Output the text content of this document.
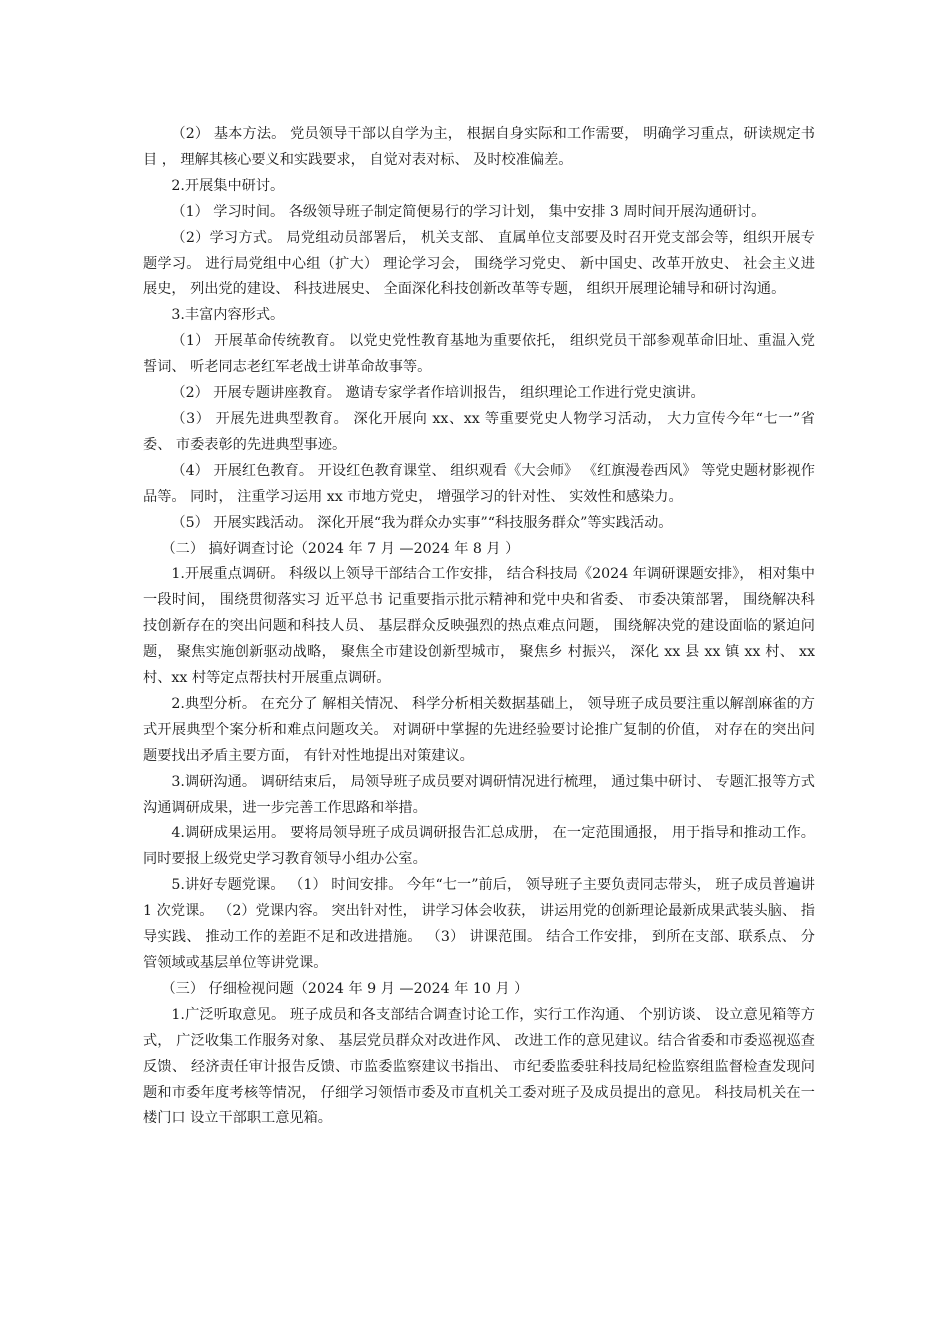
（2） 基本方法。 党员领导干部以自学为主， 根据自身实际和工作需要， 明确学习重点，研读规定书目 ， 理解其核心要义和实践要求， 自觉对表对标、 及时校准偏差。

2.开展集中研讨。

（1） 学习时间。 各级领导班子制定简便易行的学习计划， 集中安排 3 周时间开展沟通研讨。

（2）学习方式。 局党组动员部署后， 机关支部、 直属单位支部要及时召开党支部会等，组织开展专题学习。 进行局党组中心组（扩大） 理论学习会， 围绕学习党史、 新中国史、改革开放史、 社会主义进展史， 列出党的建设、 科技进展史、 全面深化科技创新改革等专题， 组织开展理论辅导和研讨沟通。

3.丰富内容形式。

（1） 开展革命传统教育。 以党史党性教育基地为重要依托， 组织党员干部参观革命旧址、重温入党誓词、 听老同志老红军老战士讲革命故事等。

（2） 开展专题讲座教育。 邀请专家学者作培训报告， 组织理论工作进行党史演讲。

（3） 开展先进典型教育。 深化开展向 xx、xx 等重要党史人物学习活动， 大力宣传今年“七一”省委、 市委表彰的先进典型事迹。

（4） 开展红色教育。 开设红色教育课堂、 组织观看《大会师》 《红旗漫卷西风》 等党史题材影视作品等。 同时， 注重学习运用 xx 市地方党史， 增强学习的针对性、 实效性和感染力。

（5） 开展实践活动。 深化开展“我为群众办实事”“科技服务群众”等实践活动。

（二） 搞好调查讨论（2024 年 7 月 —2024 年 8 月 ）

1.开展重点调研。 科级以上领导干部结合工作安排， 结合科技局《2024 年调研课题安排》， 相对集中一段时间， 围绕贯彻落实习 近平总书 记重要指示批示精神和党中央和省委、 市委决策部署， 围绕解决科技创新存在的突出问题和科技人员、 基层群众反映强烈的热点难点问题， 围绕解决党的建设面临的紧迫问题， 聚焦实施创新驱动战略， 聚焦全市建设创新型城市， 聚焦乡 村振兴， 深化 xx 县 xx 镇 xx 村、 xx 村、xx 村等定点帮扶村开展重点调研。

2.典型分析。 在充分了 解相关情况、 科学分析相关数据基础上， 领导班子成员要注重以解剖麻雀的方式开展典型个案分析和难点问题攻关。 对调研中掌握的先进经验要讨论推广复制的价值， 对存在的突出问题要找出矛盾主要方面， 有针对性地提出对策建议。

3.调研沟通。 调研结束后， 局领导班子成员要对调研情况进行梳理， 通过集中研讨、 专题汇报等方式沟通调研成果，进一步完善工作思路和举措。

4.调研成果运用。 要将局领导班子成员调研报告汇总成册， 在一定范围通报， 用于指导和推动工作。 同时要报上级党史学习教育领导小组办公室。

5.讲好专题党课。 （1） 时间安排。 今年“七一”前后， 领导班子主要负责同志带头， 班子成员普遍讲 1 次党课。 （2）党课内容。 突出针对性， 讲学习体会收获， 讲运用党的创新理论最新成果武装头脑、 指导实践、 推动工作的差距不足和改进措施。 （3） 讲课范围。 结合工作安排， 到所在支部、联系点、 分管领域或基层单位等讲党课。

（三） 仔细检视问题（2024 年 9 月 —2024 年 10 月 ）

1.广泛听取意见。 班子成员和各支部结合调查讨论工作，实行工作沟通、 个别访谈、 设立意见箱等方式， 广泛收集工作服务对象、 基层党员群众对改进作风、 改进工作的意见建议。结合省委和市委巡视巡查反馈、 经济责任审计报告反馈、市监委监察建议书指出、 市纪委监委驻科技局纪检监察组监督检查发现问题和市委年度考核等情况， 仔细学习领悟市委及市直机关工委对班子及成员提出的意见。 科技局机关在一楼门口 设立干部职工意见箱。
